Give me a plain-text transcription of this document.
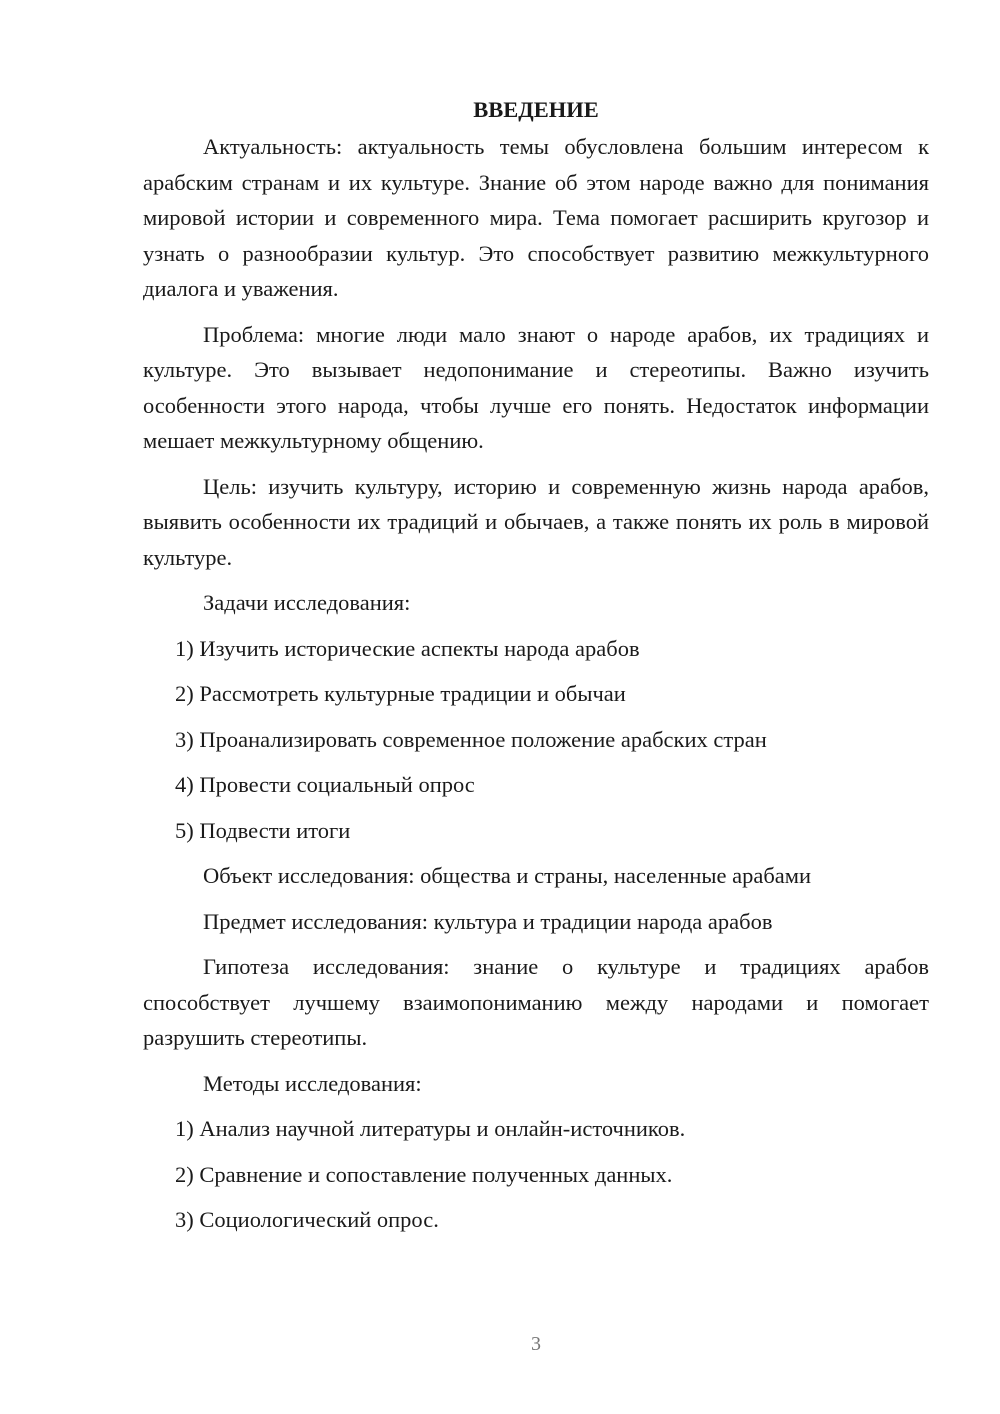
ВВЕДЕНИЕ

Актуальность: актуальность темы обусловлена большим интересом к арабским странам и их культуре. Знание об этом народе важно для понимания мировой истории и современного мира. Тема помогает расширить кругозор и узнать о разнообразии культур. Это способствует развитию межкультурного диалога и уважения.

Проблема: многие люди мало знают о народе арабов, их традициях и культуре. Это вызывает недопонимание и стереотипы. Важно изучить особенности этого народа, чтобы лучше его понять. Недостаток информации мешает межкультурному общению.

Цель: изучить культуру, историю и современную жизнь народа арабов, выявить особенности их традиций и обычаев, а также понять их роль в мировой культуре.

Задачи исследования:

1) Изучить исторические аспекты народа арабов

2) Рассмотреть культурные традиции и обычаи

3) Проанализировать современное положение арабских стран

4) Провести социальный опрос

5) Подвести итоги

Объект исследования: общества и страны, населенные арабами

Предмет исследования: культура и традиции народа арабов

Гипотеза исследования: знание о культуре и традициях арабов способствует лучшему взаимопониманию между народами и помогает разрушить стереотипы.

Методы исследования:

1) Анализ научной литературы и онлайн-источников.

2) Сравнение и сопоставление полученных данных.

3) Социологический опрос.

3
